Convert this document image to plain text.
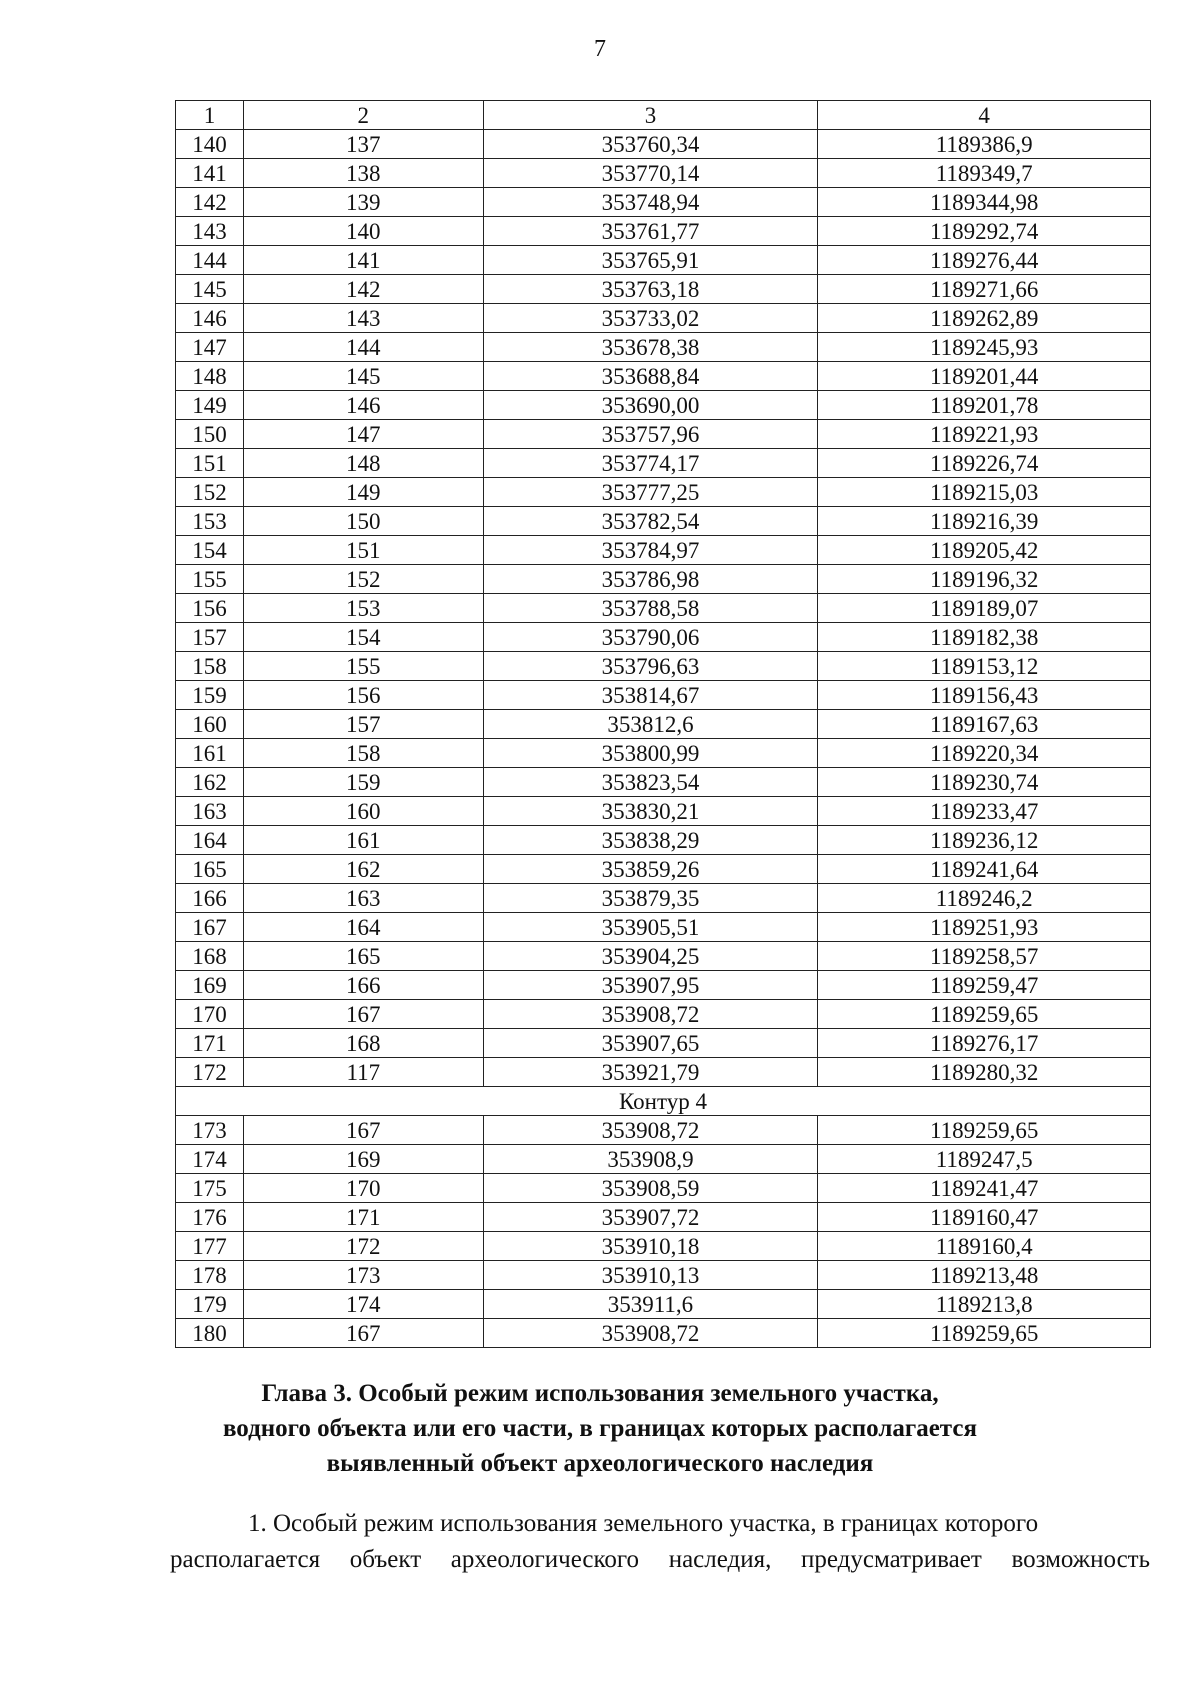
7
1	2	3	4
140	137	353760,34	1189386,9
141	138	353770,14	1189349,7
142	139	353748,94	1189344,98
143	140	353761,77	1189292,74
144	141	353765,91	1189276,44
145	142	353763,18	1189271,66
146	143	353733,02	1189262,89
147	144	353678,38	1189245,93
148	145	353688,84	1189201,44
149	146	353690,00	1189201,78
150	147	353757,96	1189221,93
151	148	353774,17	1189226,74
152	149	353777,25	1189215,03
153	150	353782,54	1189216,39
154	151	353784,97	1189205,42
155	152	353786,98	1189196,32
156	153	353788,58	1189189,07
157	154	353790,06	1189182,38
158	155	353796,63	1189153,12
159	156	353814,67	1189156,43
160	157	353812,6	1189167,63
161	158	353800,99	1189220,34
162	159	353823,54	1189230,74
163	160	353830,21	1189233,47
164	161	353838,29	1189236,12
165	162	353859,26	1189241,64
166	163	353879,35	1189246,2
167	164	353905,51	1189251,93
168	165	353904,25	1189258,57
169	166	353907,95	1189259,47
170	167	353908,72	1189259,65
171	168	353907,65	1189276,17
172	117	353921,79	1189280,32
Контур 4			
173	167	353908,72	1189259,65
174	169	353908,9	1189247,5
175	170	353908,59	1189241,47
176	171	353907,72	1189160,47
177	172	353910,18	1189160,4
178	173	353910,13	1189213,48
179	174	353911,6	1189213,8
180	167	353908,72	1189259,65
Глава 3. Особый режим использования земельного участка,
водного объекта или его части, в границах которых располагается
выявленный объект археологического наследия
1. Особый режим использования земельного участка, в границах которого
располагается объект археологического наследия, предусматривает возможность
